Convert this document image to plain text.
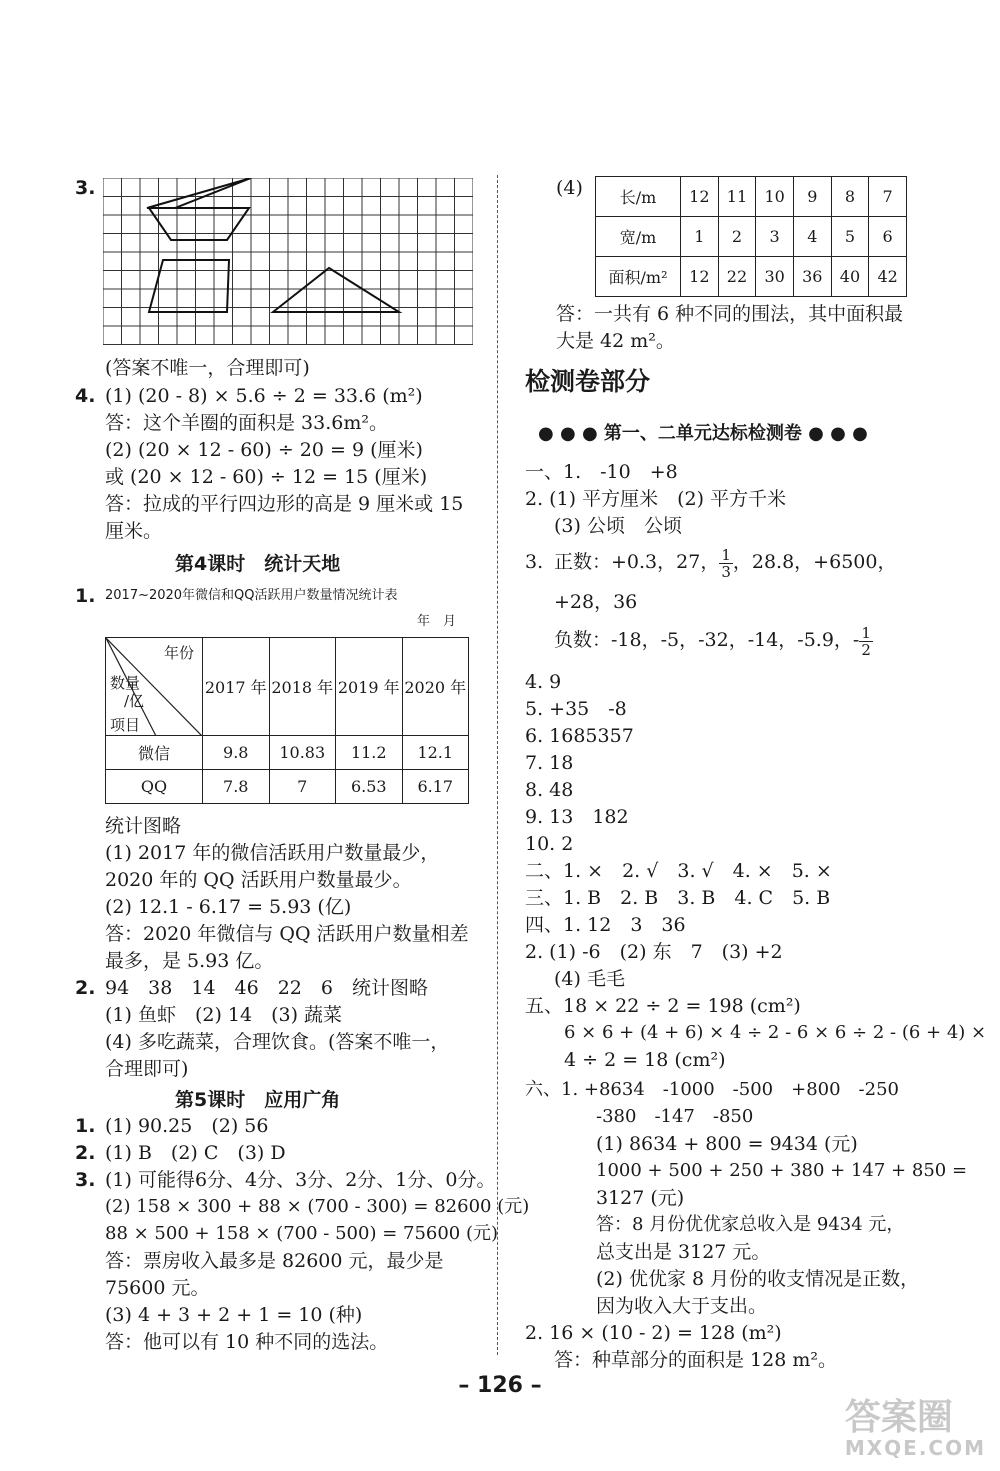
3.
(答案不唯一，合理即可)
4. (1) (20 - 8) × 5.6 ÷ 2 = 33.6 (m²)
答：这个羊圈的面积是 33.6m²。
(2) (20 × 12 - 60) ÷ 20 = 9 (厘米)
或 (20 × 12 - 60) ÷ 12 = 15 (厘米)
答：拉成的平行四边形的高是 9 厘米或 15
厘米。
第4课时　统计天地
1. 2017~2020年微信和QQ活跃用户数量情况统计表
年　月
年份
数量
/亿
项目	2017 年	2018 年	2019 年	2020 年
微信	9.8	10.83	11.2	12.1
QQ	7.8	7	6.53	6.17
统计图略
(1) 2017 年的微信活跃用户数量最少，
2020 年的 QQ 活跃用户数量最少。
(2) 12.1 - 6.17 = 5.93 (亿)
答：2020 年微信与 QQ 活跃用户数量相差
最多，是 5.93 亿。
2. 94　38　14　46　22　6　统计图略
(1) 鱼虾　(2) 14　(3) 蔬菜
(4) 多吃蔬菜，合理饮食。(答案不唯一，
合理即可)
第5课时　应用广角
1. (1) 90.25　(2) 56
2. (1) B　(2) C　(3) D
3. (1) 可能得6分、4分、3分、2分、1分、0分。
(2) 158 × 300 + 88 × (700 - 300) = 82600 (元)
88 × 500 + 158 × (700 - 500) = 75600 (元)
答：票房收入最多是 82600 元，最少是
75600 元。
(3) 4 + 3 + 2 + 1 = 10 (种)
答：他可以有 10 种不同的选法。
(4) 长/m	12	11	10	9	8	7
宽/m	1	2	3	4	5	6
面积/m²	12	22	30	36	40	42
答：一共有 6 种不同的围法，其中面积最
大是 42 m²。
检测卷部分
● ● ● 第一、二单元达标检测卷 ● ● ●
一、1.　-10　+8
2. (1) 平方厘米　(2) 平方千米
(3) 公顷　公顷
3. 正数：+0.3，27， $\frac{1}{3}$ ，28.8，+6500，
+28，36
负数：-18，-5，-32，-14，-5.9，- $\frac{1}{2}$
4. 9
5. +35　-8
6. 1685357
7. 18
8. 48
9. 13　182
10. 2
二、1. ×　2. √　3. √　4. ×　5. ×
三、1. B　2. B　3. B　4. C　5. B
四、1. 12　3　36
2. (1) -6　(2) 东　7　(3) +2
(4) 毛毛
五、18 × 22 ÷ 2 = 198 (cm²)
6 × 6 + (4 + 6) × 4 ÷ 2 - 6 × 6 ÷ 2 - (6 + 4) ×
4 ÷ 2 = 18 (cm²)
六、1. +8634　-1000　-500　+800　-250
-380　-147　-850
(1) 8634 + 800 = 9434 (元)
1000 + 500 + 250 + 380 + 147 + 850 =
3127 (元)
答：8 月份优优家总收入是 9434 元，
总支出是 3127 元。
(2) 优优家 8 月份的收支情况是正数，
因为收入大于支出。
2. 16 × (10 - 2) = 128 (m²)
答：种草部分的面积是 128 m²。
– 126 –
答案圈
MXQE.COM
